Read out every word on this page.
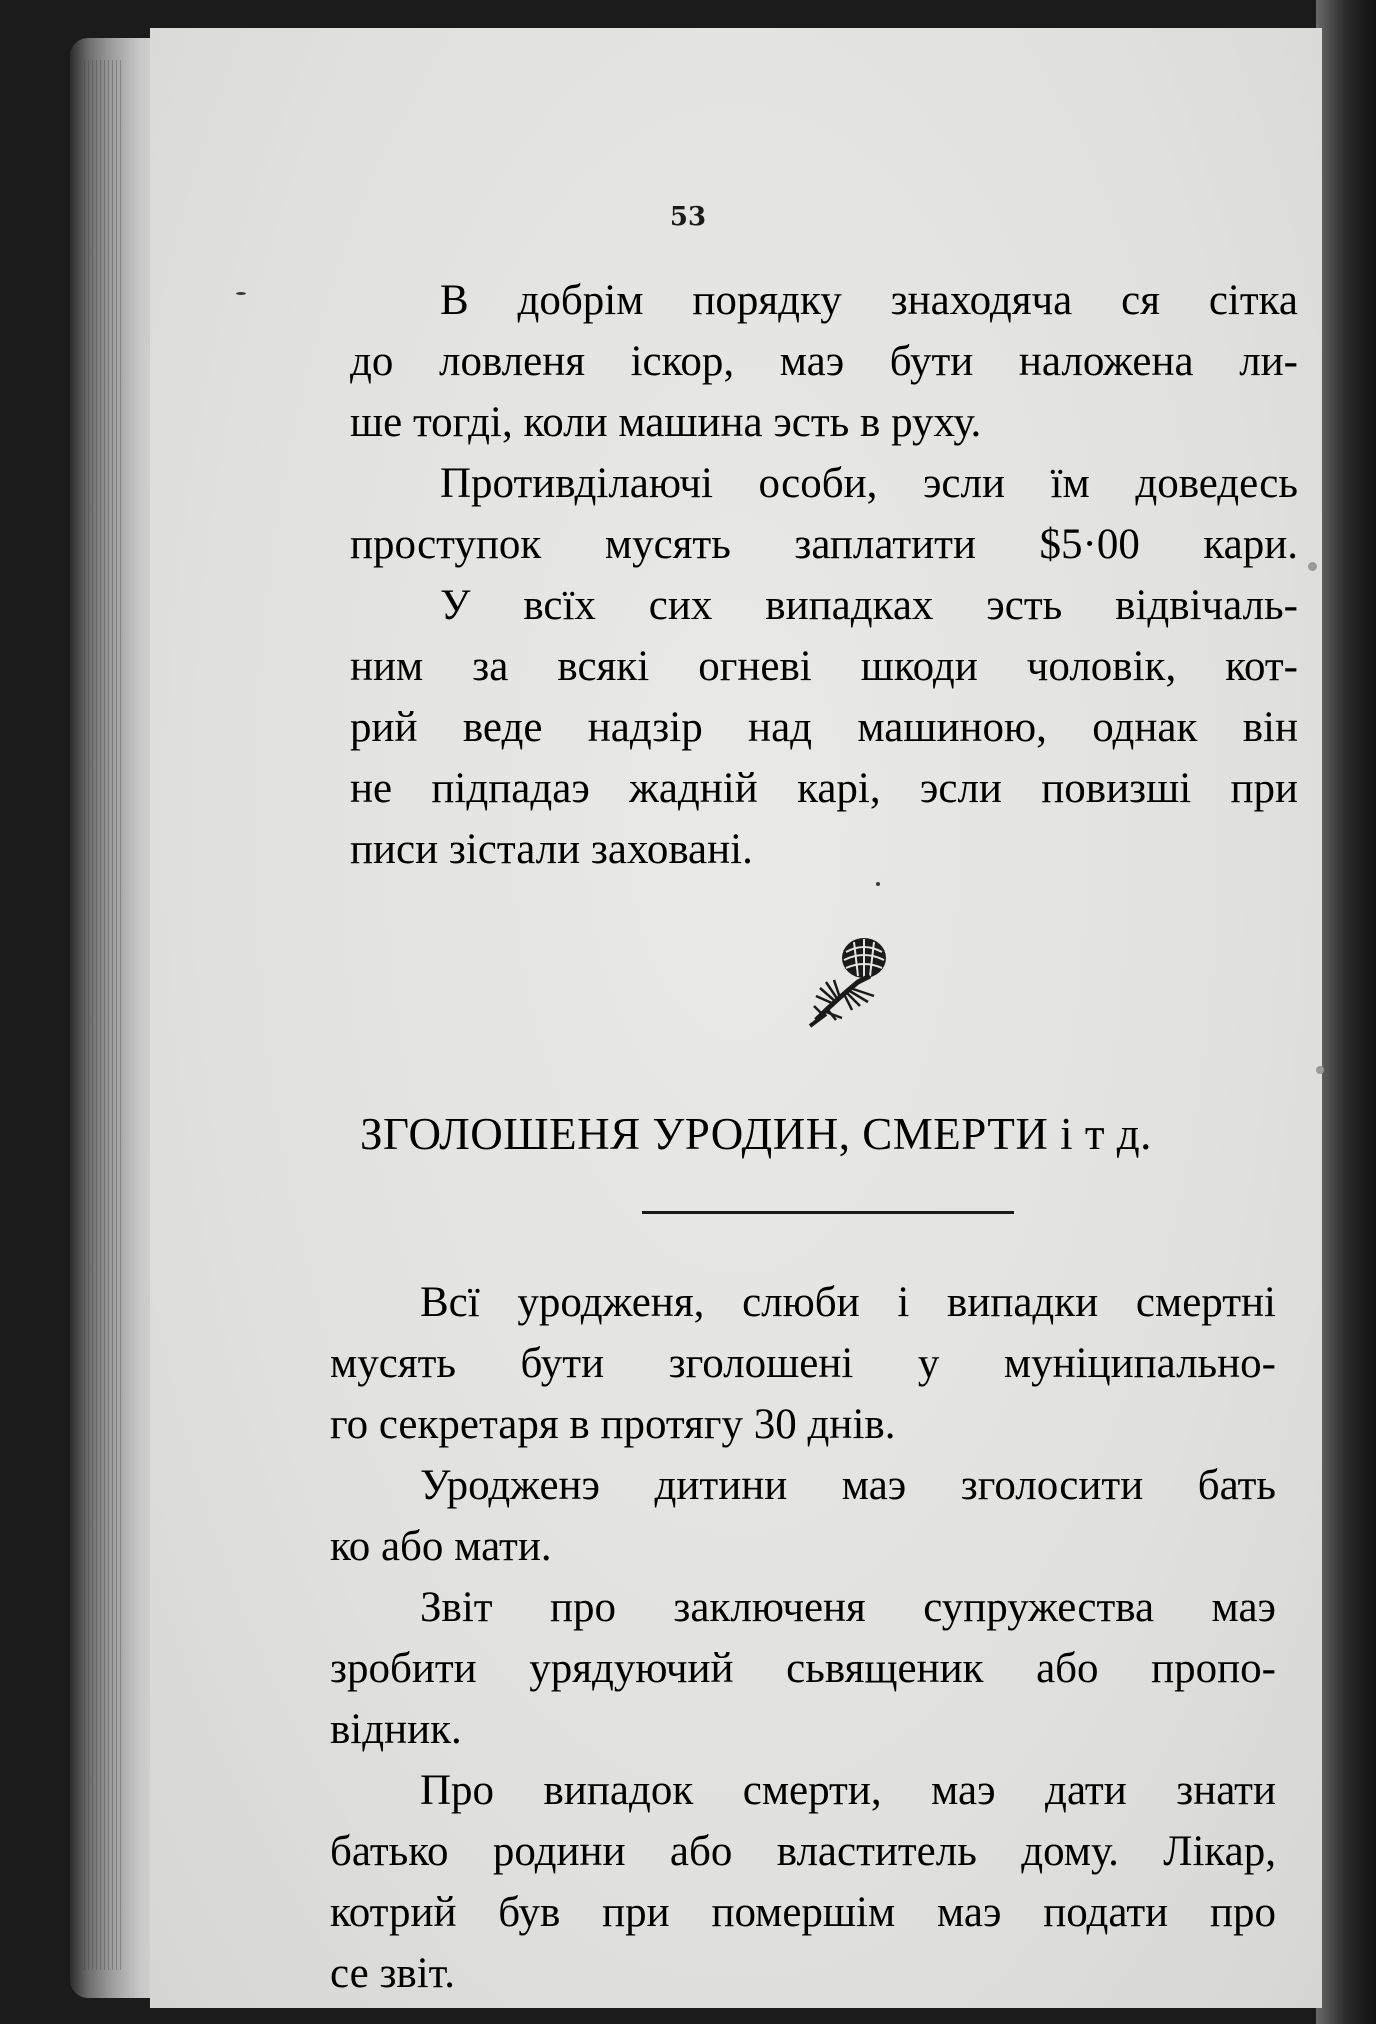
53

В добрім порядку знаходяча ся сітка
до ловленя іскор, маэ бути наложена ли-
ше тогді, коли машина эсть в руху.

Противділаючі особи, эсли їм доведесь
проступок мусять заплатити $5·00 кари.

У всїх сих випадках эсть відвічаль-
ним за всякі огневі шкоди чоловік, кот-
рий веде надзір над машиною, однак він
не підпадаэ жадній карі, эсли повизші при
писи зістали заховані.

ЗГОЛОШЕНЯ УРОДИН, СМЕРТИ і т д.

Всї уродженя, слюби і випадки смертні
мусять бути зголошені у муніципально-
го секретаря в протягу 30 днів.

Уродженэ дитини маэ зголосити бать
ко або мати.

Звіт про заключеня супружества маэ
зробити урядуючий сьвященик або пропо-
відник.

Про випадок смерти, маэ дати знати
батько родини або властитель дому. Лікар,
котрий був при помершім маэ подати про
се звіт.
